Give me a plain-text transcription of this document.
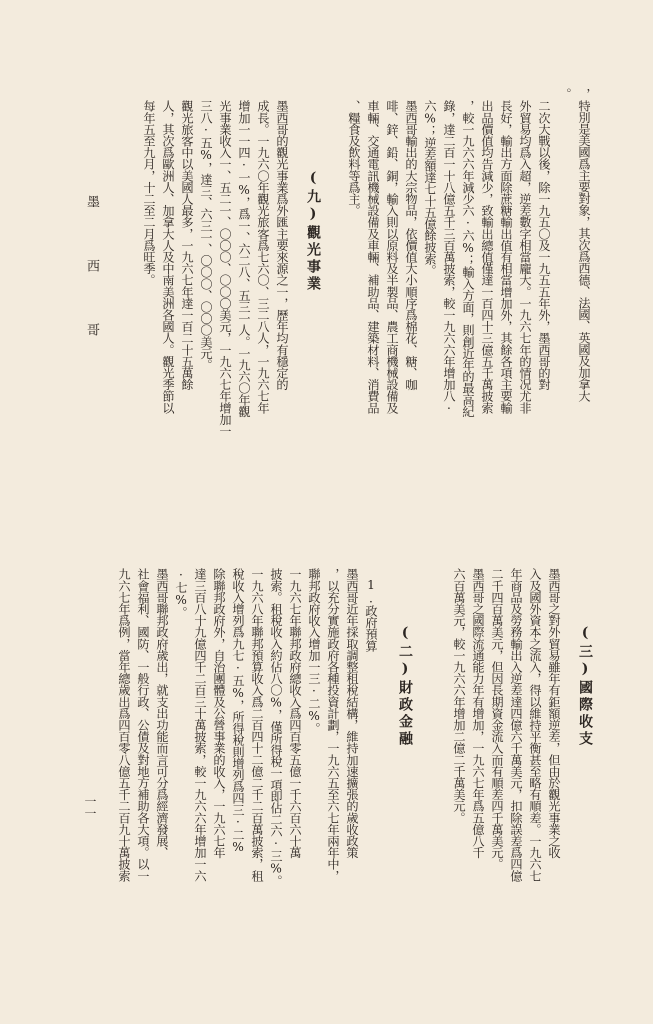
，特別是美國爲主要對象，其次爲西德、法國、英國及加拿大
。
二次大戰以後，除一九五〇及一九五五年外，墨西哥的對
外貿易均爲入超，逆差數字相當龐大。一九六七年的情况尤非
長好，輸出方面除蔗糖輸出值有相當增加外，其餘各項主要輸
出品價值均告減少，致輸出總值僅達一百四十三億五千萬披索
，較一九六六年減少六·六%；輸入方面，則創近年的最高紀
錄，達二百一十八億五千三百萬披索，較一九六六年增加八·
六%；逆差額達七十五億餘披索。
墨西哥輸出的大宗物品，依價值大小順序爲棉花、糖、咖
啡、鋅、鉛、銅，輸入則以原料及半製品、農工商機械設備及
車輛、交通電訊機械設備及車輛、補助品、建築材料、消費品
、糧食及飲料等爲主。
(九)觀光事業
墨西哥的觀光事業爲外匯主要來源之一，歷年均有穩定的
成長。一九六〇年觀光旅客爲七六〇、三二八人，一九六七年
增加一一四·一%，爲一、六二八、五三一人。一九六〇年觀
光事業收入一、五二一、〇〇〇、〇〇〇美元，一九六七年增加一
三八·五%，達三、六三一、〇〇〇、〇〇〇美元。
觀光旅客中以美國人最多，一九六七年達一百二十五萬餘
人，其次爲歐洲人、加拿大人及中南美洲各國人。觀光季節以
每年五至九月，十二至二月爲旺季。
墨 西 哥
(三)國際收支
墨西哥之對外貿易雖年有鉅額逆差，但由於觀光事業之收
入及國外資本之流入，得以維持平衡甚至略有順差。一九六七
年商品及勞務輸出入逆差達四億六千萬美元，扣除誤差爲四億
二千四百萬美元，但因長期資金流入而有順差四千萬美元。
墨西哥之國際流通能力年有增加，一九六七年爲五億八千
六百萬美元，較一九六六年增加二億二千萬美元。
(二)財政金融
1.政府預算
墨西哥近年採取調整租稅結構，維持加速擴張的歲收政策
，以充分實施政府各種投資計劃，一九六五至六七年兩年中，
聯邦政府收入增加一三·二%。
一九六七年聯邦政府總收入爲四百零五億一千六百六十萬
披索。租稅收入約佔八〇%，僅所得稅一項即佔二六·三%。
一九六八年聯邦預算收入爲二百四十二億二千二百萬披索，租
稅收入增列爲九七·五%，所得稅則增列爲四三·二%
除聯邦政府外，自治團體及公營事業的收入，一九六七年
達三百八十九億四千二百三十萬披索，較一九六六年增加一六
·七%。
墨西哥聯邦政府歲出，就支出功能而言可分爲經濟發展、
社會福利、國防、一般行政、公債及對地方補助各大項。以一
九六七年爲例，當年總歲出爲四百零八億五千二百九十萬披索
一一
